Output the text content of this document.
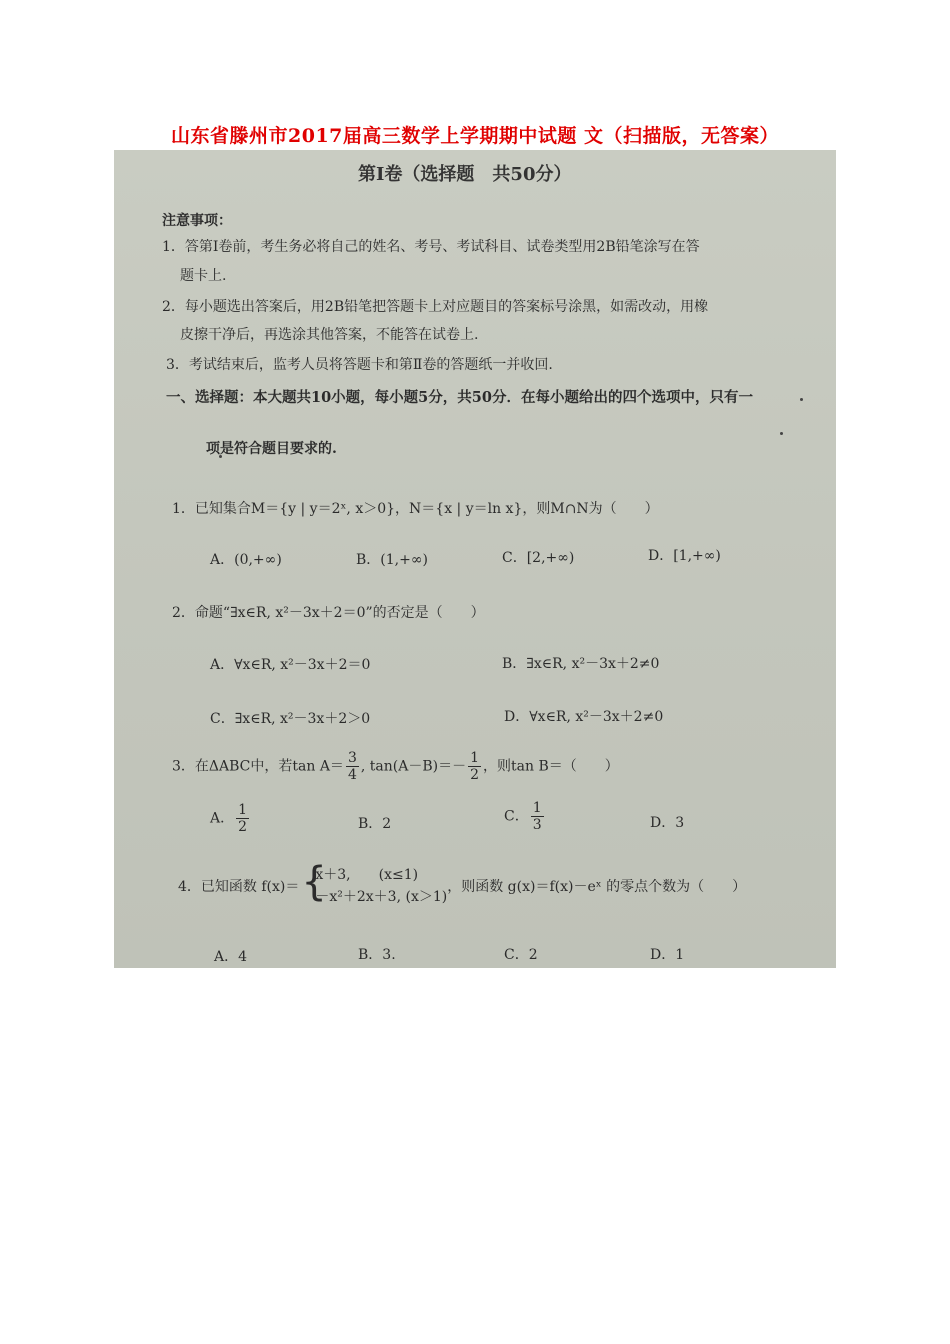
山东省滕州市2017届高三数学上学期期中试题 文（扫描版，无答案）
第Ⅰ卷（选择题　共50分）
注意事项：
1．答第Ⅰ卷前，考生务必将自己的姓名、考号、考试科目、试卷类型用2B铅笔涂写在答
题卡上.
2．每小题选出答案后，用2B铅笔把答题卡上对应题目的答案标号涂黑，如需改动，用橡
皮擦干净后，再选涂其他答案，不能答在试卷上.
3．考试结束后，监考人员将答题卡和第Ⅱ卷的答题纸一并收回.
一、选择题：本大题共10小题，每小题5分，共50分．在每小题给出的四个选项中，只有一
项是符合题目要求的.
1．已知集合M＝{y | y＝2ˣ, x＞0}，N＝{x | y＝ln x}，则M∩N为（　　）
A．(0,+∞)	B．(1,+∞)	C．[2,+∞)	D．[1,+∞)
2．命题“∃x∈R, x²－3x＋2＝0”的否定是（　　）
A．∀x∈R, x²－3x＋2＝0	B．∃x∈R, x²－3x＋2≠0
C．∃x∈R, x²－3x＋2＞0	D．∀x∈R, x²－3x＋2≠0
3．在ΔABC中，若$\tan A= \frac{3}{4}$ , $\tan(A-B)=- \frac{1}{2}$ ，则tan B＝（　　）
A． $\frac{1}{2}$	B．2	C． $\frac{1}{3}$	D．3
4．已知函数 f(x)＝ {
x＋3,　　(x≤1)
－x²＋2x＋3, (x＞1)
，则函数 g(x)＝f(x)－eˣ 的零点个数为（　　）
A．4	B．3.	C．2	D．1
